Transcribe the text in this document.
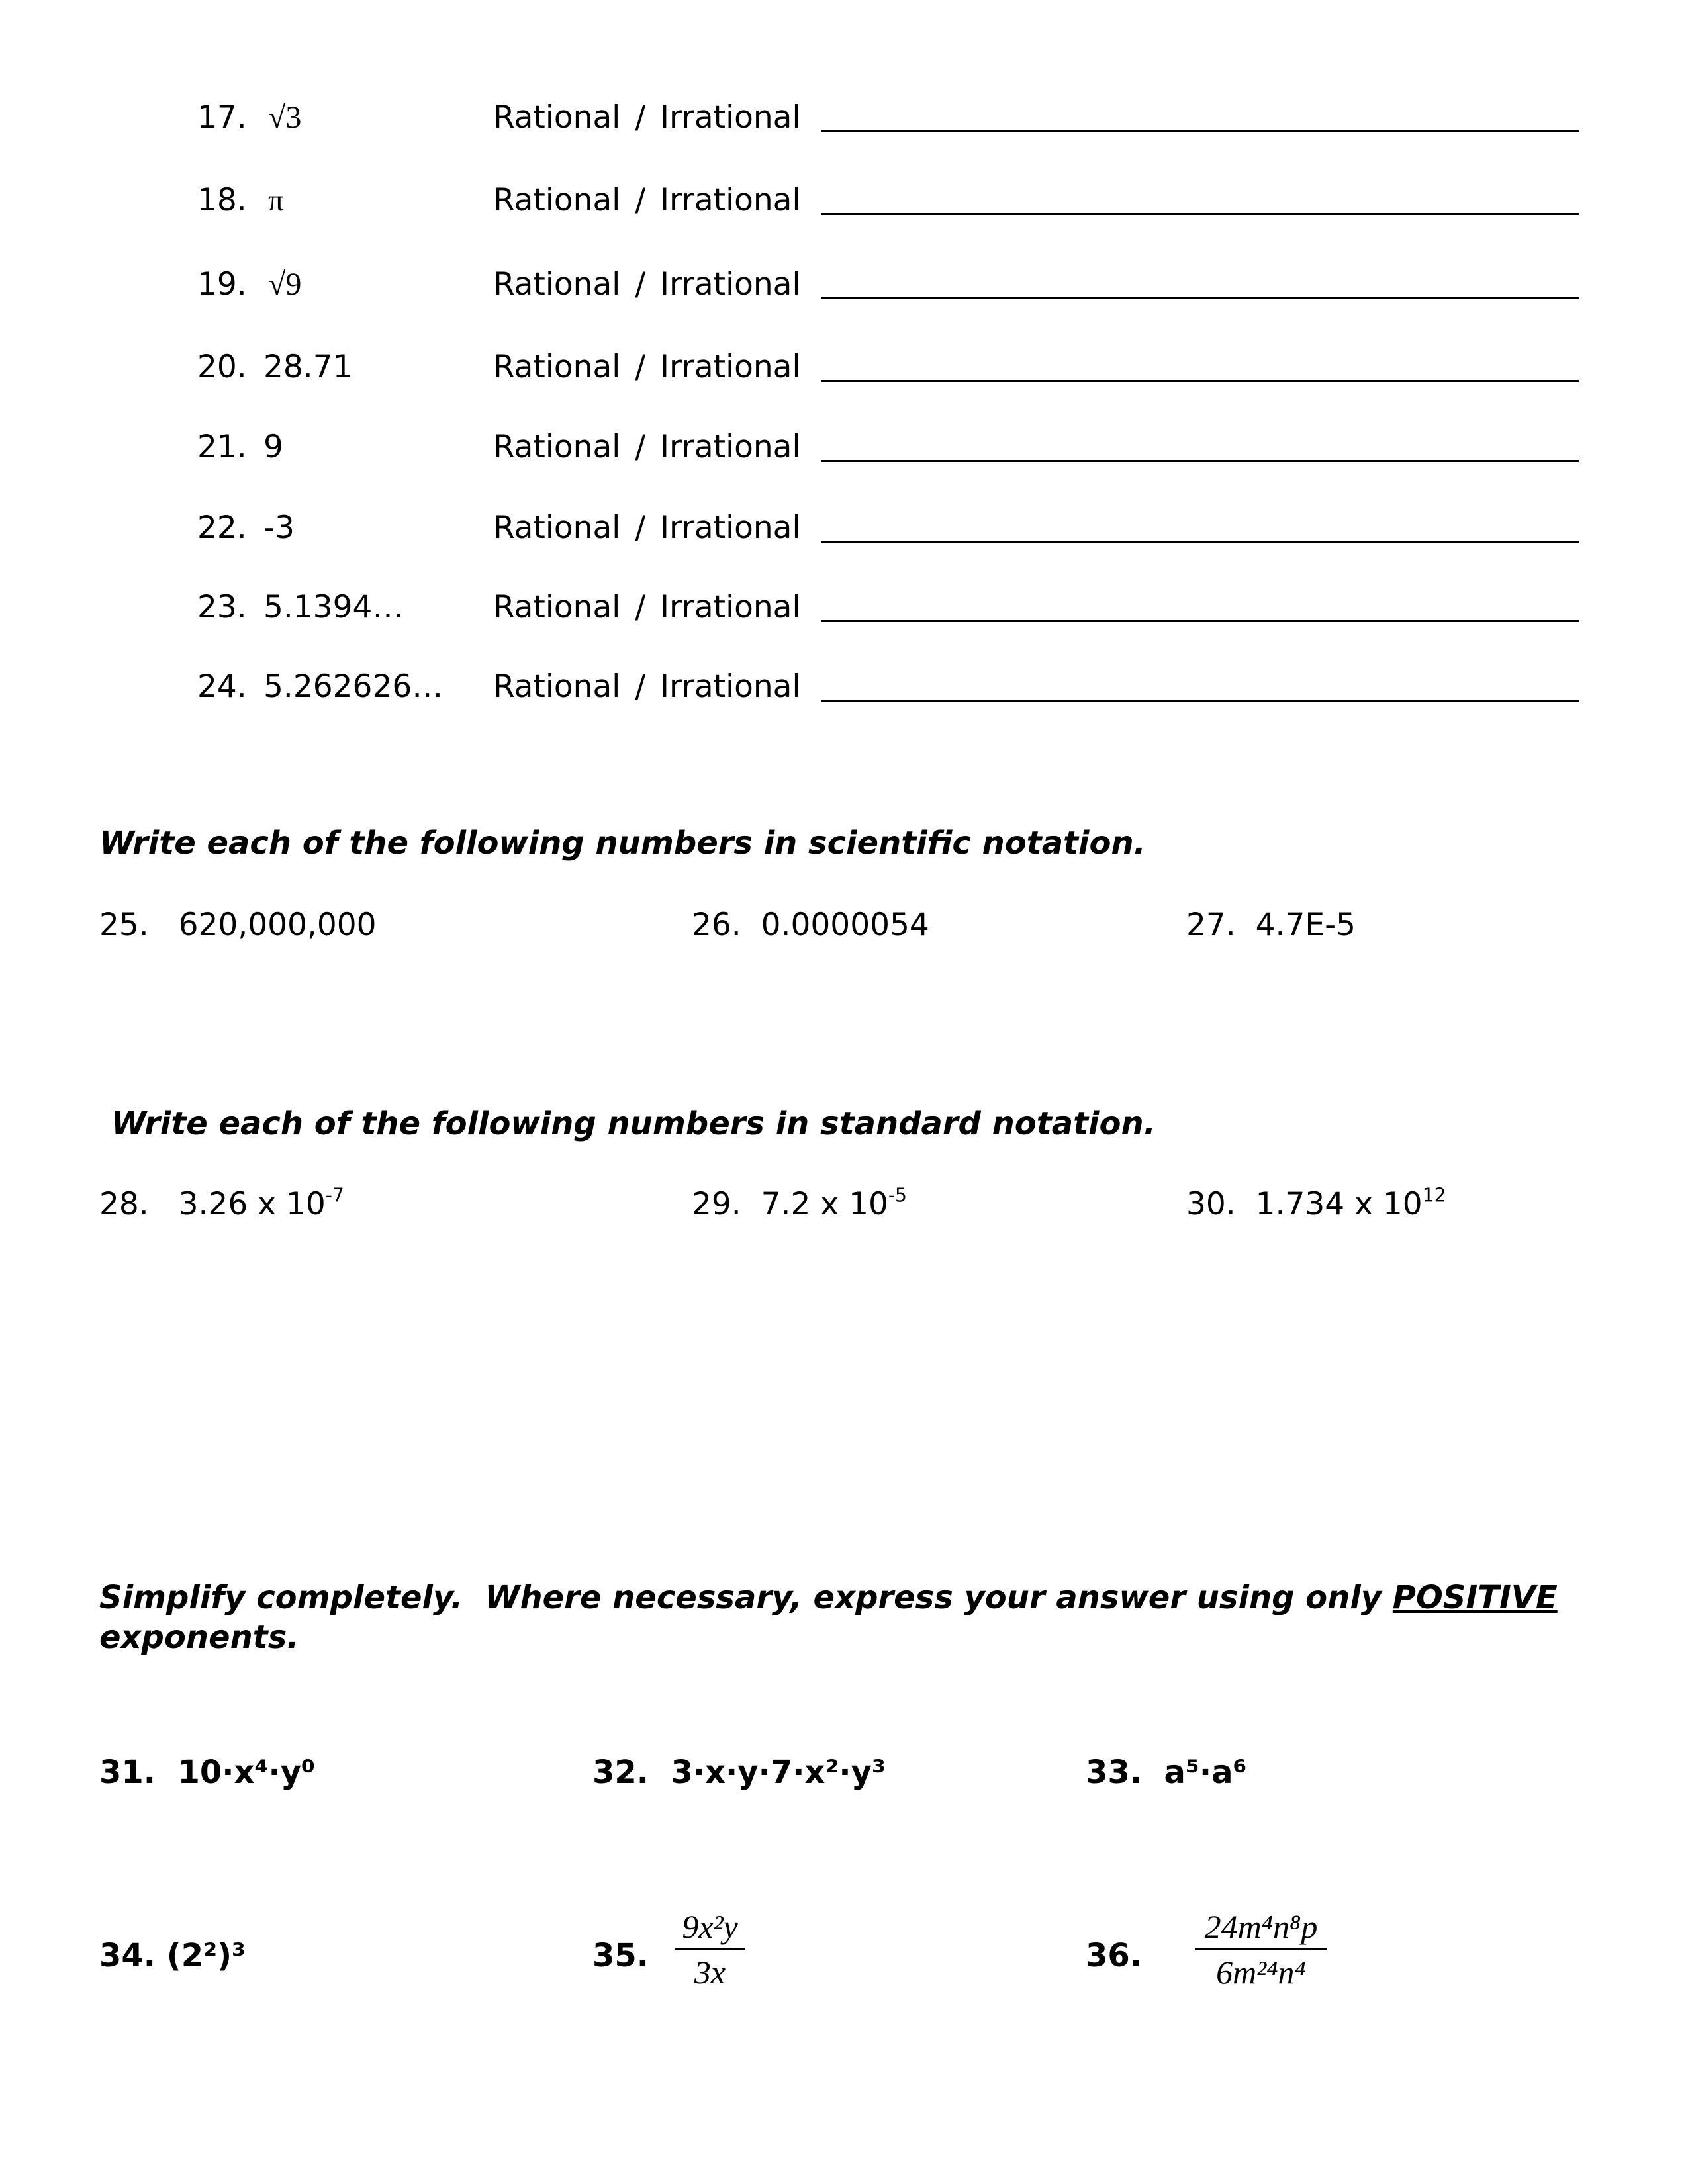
17. √3	Rational / Irrational
18. π	Rational / Irrational
19. √9	Rational / Irrational
20. 28.71	Rational / Irrational
21. 9	Rational / Irrational
22. -3	Rational / Irrational
23. 5.1394…	Rational / Irrational
24. 5.262626… Rational / Irrational
Write each of the following numbers in scientific notation.
25. 620,000,000	26. 0.0000054	27. 4.7E-5
Write each of the following numbers in standard notation.
28. 3.26 x $10^{-7}$	29. 7.2 x $10^{-5}$	30. 1.734 x $10^{12}$
Simplify completely.  Where necessary, express your answer using only POSITIVE
exponents.
31. 10·x⁴·y⁰	32. 3·x·y·7·x²·y³	33. a⁵·a⁶
34. (2²)³	35.
9x²y
3x	36.
24m⁴n⁸p
6m²⁴n⁴
